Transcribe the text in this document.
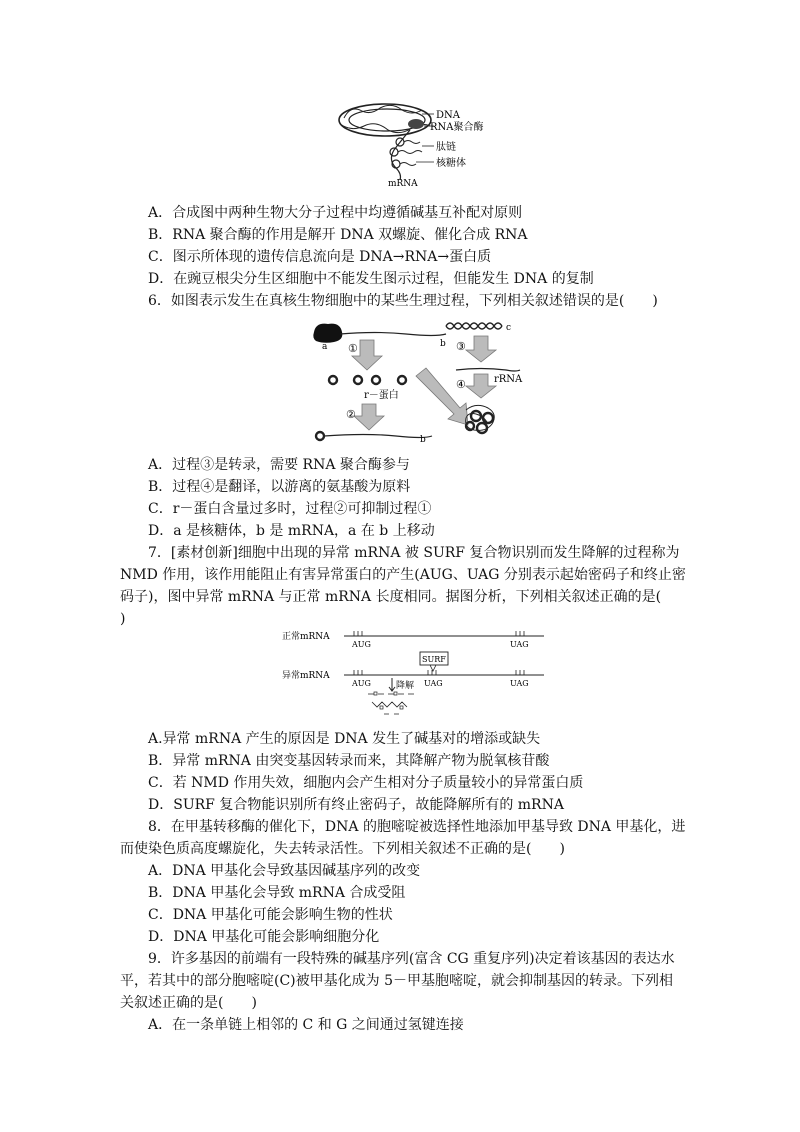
DNA
RNA聚合酶
肽链
核糖体
mRNA
A．合成图中两种生物大分子过程中均遵循碱基互补配对原则
B．RNA 聚合酶的作用是解开 DNA 双螺旋、催化合成 RNA
C．图示所体现的遗传信息流向是 DNA→RNA→蛋白质
D．在豌豆根尖分生区细胞中不能发生图示过程，但能发生 DNA 的复制
6．如图表示发生在真核生物细胞中的某些生理过程，下列相关叙述错误的是(　　)
a	b
①
r－蛋白
②
b
c
③
rRNA
④
A．过程③是转录，需要 RNA 聚合酶参与
B．过程④是翻译，以游离的氨基酸为原料
C．r－蛋白含量过多时，过程②可抑制过程①
D．a 是核糖体，b 是 mRNA，a 在 b 上移动
7．[素材创新]细胞中出现的异常 mRNA 被 SURF 复合物识别而发生降解的过程称为
NMD 作用，该作用能阻止有害异常蛋白的产生(AUG、UAG 分别表示起始密码子和终止密
码子)，图中异常 mRNA 与正常 mRNA 长度相同。据图分析，下列相关叙述正确的是(
)
正常mRNA
AUG	UAG
SURF
异常mRNA
AUG	UAG	UAG
降解
A.异常 mRNA 产生的原因是 DNA 发生了碱基对的增添或缺失
B．异常 mRNA 由突变基因转录而来，其降解产物为脱氧核苷酸
C．若 NMD 作用失效，细胞内会产生相对分子质量较小的异常蛋白质
D．SURF 复合物能识别所有终止密码子，故能降解所有的 mRNA
8．在甲基转移酶的催化下，DNA 的胞嘧啶被选择性地添加甲基导致 DNA 甲基化，进
而使染色质高度螺旋化，失去转录活性。下列相关叙述不正确的是(　　)
A．DNA 甲基化会导致基因碱基序列的改变
B．DNA 甲基化会导致 mRNA 合成受阻
C．DNA 甲基化可能会影响生物的性状
D．DNA 甲基化可能会影响细胞分化
9．许多基因的前端有一段特殊的碱基序列(富含 CG 重复序列)决定着该基因的表达水
平，若其中的部分胞嘧啶(C)被甲基化成为 5－甲基胞嘧啶，就会抑制基因的转录。下列相
关叙述正确的是(　　)
A．在一条单链上相邻的 C 和 G 之间通过氢键连接
